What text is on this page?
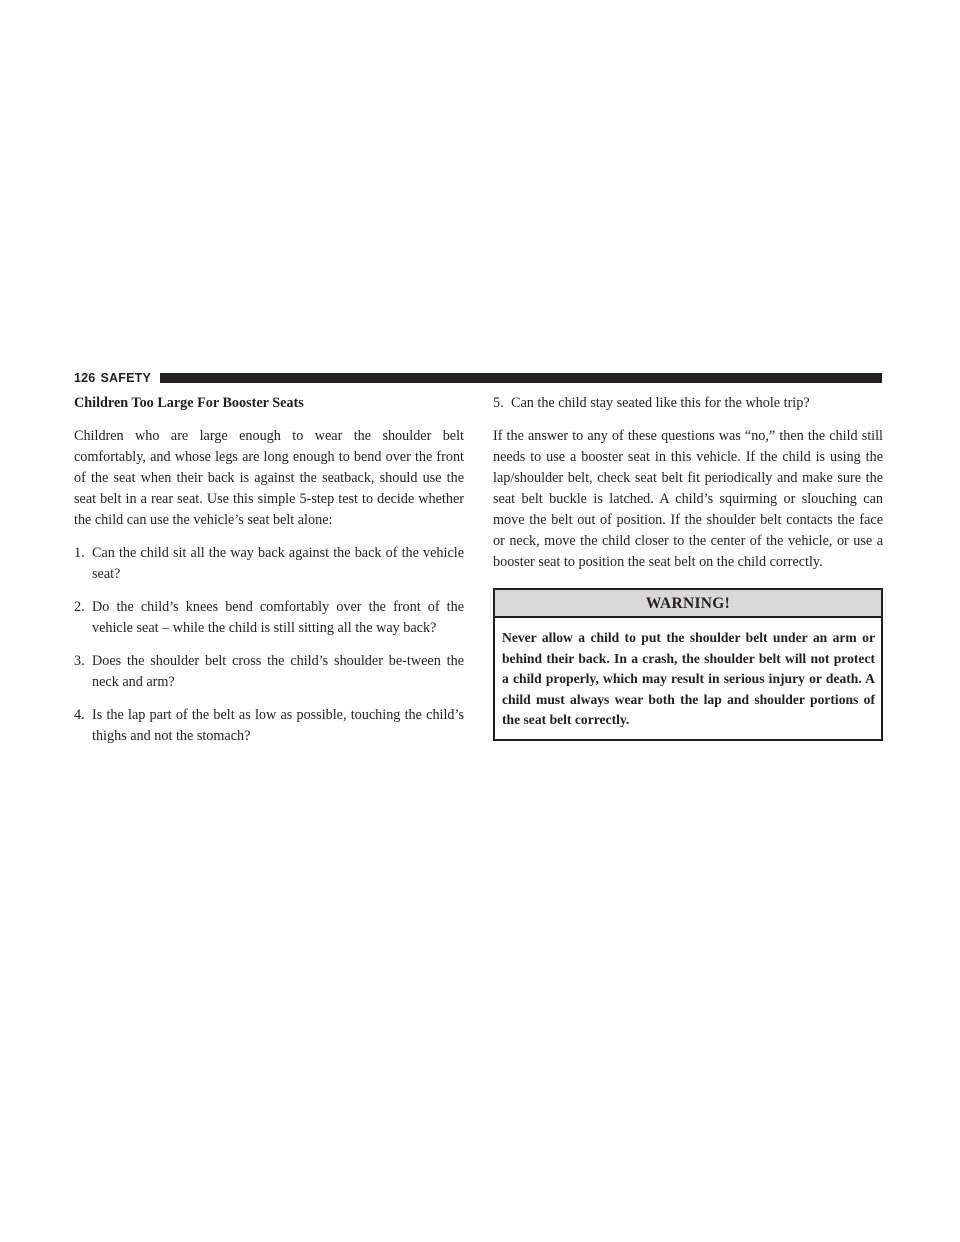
126 SAFETY
Children Too Large For Booster Seats

Children who are large enough to wear the shoulder belt comfortably, and whose legs are long enough to bend over the front of the seat when their back is against the seatback, should use the seat belt in a rear seat. Use this simple 5-step test to decide whether the child can use the vehicle’s seat belt alone:

1. Can the child sit all the way back against the back of the vehicle seat?
2. Do the child’s knees bend comfortably over the front of the vehicle seat – while the child is still sitting all the way back?
3. Does the shoulder belt cross the child’s shoulder be-tween the neck and arm?
4. Is the lap part of the belt as low as possible, touching the child’s thighs and not the stomach?
5. Can the child stay seated like this for the whole trip?

If the answer to any of these questions was “no,” then the child still needs to use a booster seat in this vehicle. If the child is using the lap/shoulder belt, check seat belt fit periodically and make sure the seat belt buckle is latched. A child’s squirming or slouching can move the belt out of position. If the shoulder belt contacts the face or neck, move the child closer to the center of the vehicle, or use a booster seat to position the seat belt on the child correctly.

WARNING!
Never allow a child to put the shoulder belt under an arm or behind their back. In a crash, the shoulder belt will not protect a child properly, which may result in serious injury or death. A child must always wear both the lap and shoulder portions of the seat belt correctly.
